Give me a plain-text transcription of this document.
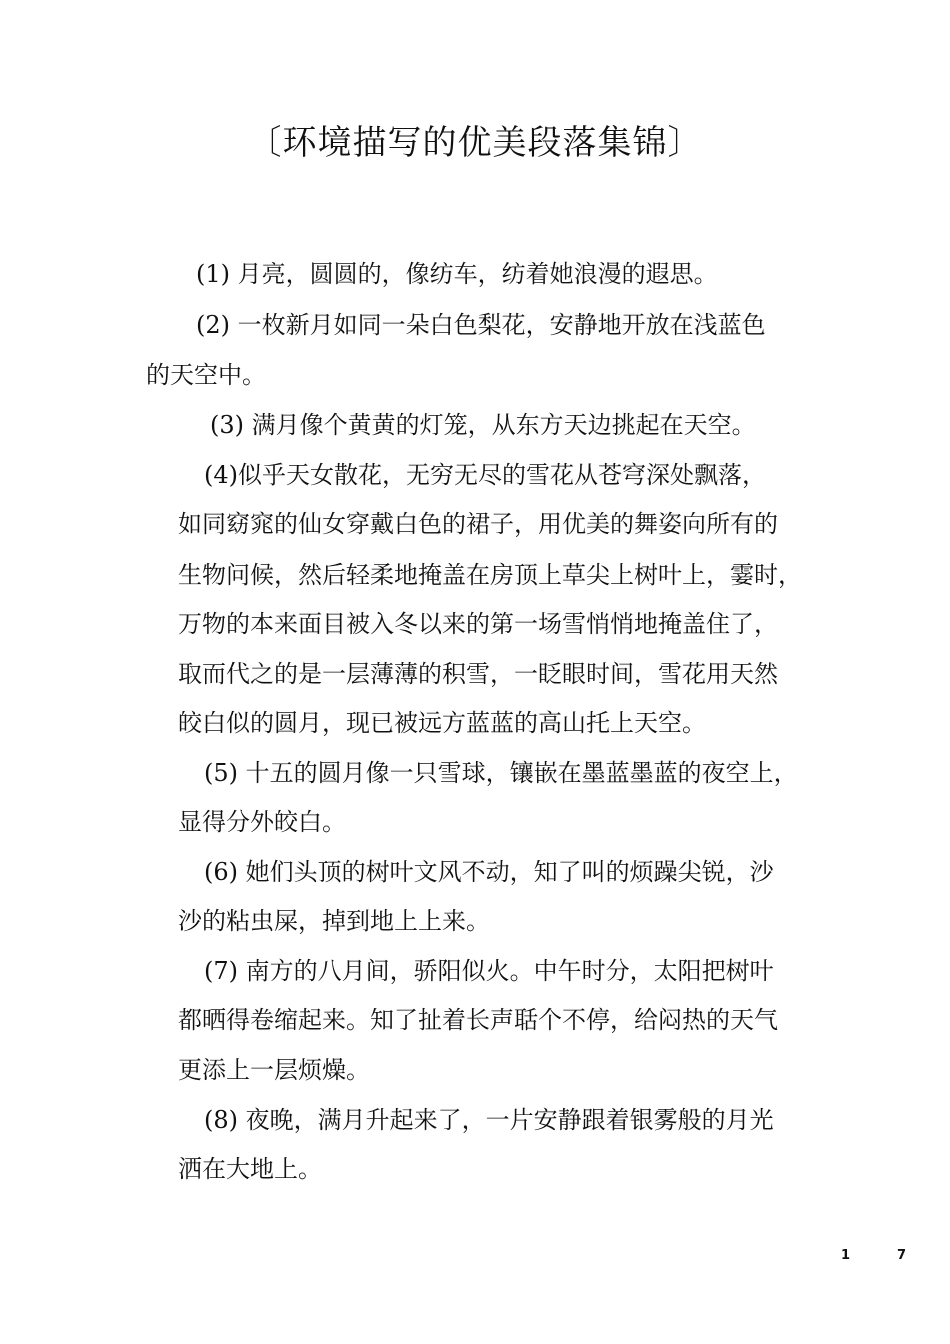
〔环境描写的优美段落集锦〕
(1) 月亮，圆圆的，像纺车，纺着她浪漫的遐思。
(2) 一枚新月如同一朵白色梨花，安静地开放在浅蓝色
的天空中。
(3) 满月像个黄黄的灯笼，从东方天边挑起在天空。
(4)似乎天女散花，无穷无尽的雪花从苍穹深处飘落，
如同窈窕的仙女穿戴白色的裙子，用优美的舞姿向所有的
生物问候，然后轻柔地掩盖在房顶上草尖上树叶上，霎时，
万物的本来面目被入冬以来的第一场雪悄悄地掩盖住了，
取而代之的是一层薄薄的积雪，一眨眼时间，雪花用天然
皎白似的圆月，现已被远方蓝蓝的高山托上天空。
(5) 十五的圆月像一只雪球，镶嵌在墨蓝墨蓝的夜空上，
显得分外皎白。
(6) 她们头顶的树叶文风不动，知了叫的烦躁尖锐，沙
沙的粘虫屎，掉到地上上来。
(7) 南方的八月间，骄阳似火。中午时分，太阳把树叶
都晒得卷缩起来。知了扯着长声聒个不停，给闷热的天气
更添上一层烦燥。
(8) 夜晚，满月升起来了，一片安静跟着银雾般的月光
洒在大地上。
1	7
